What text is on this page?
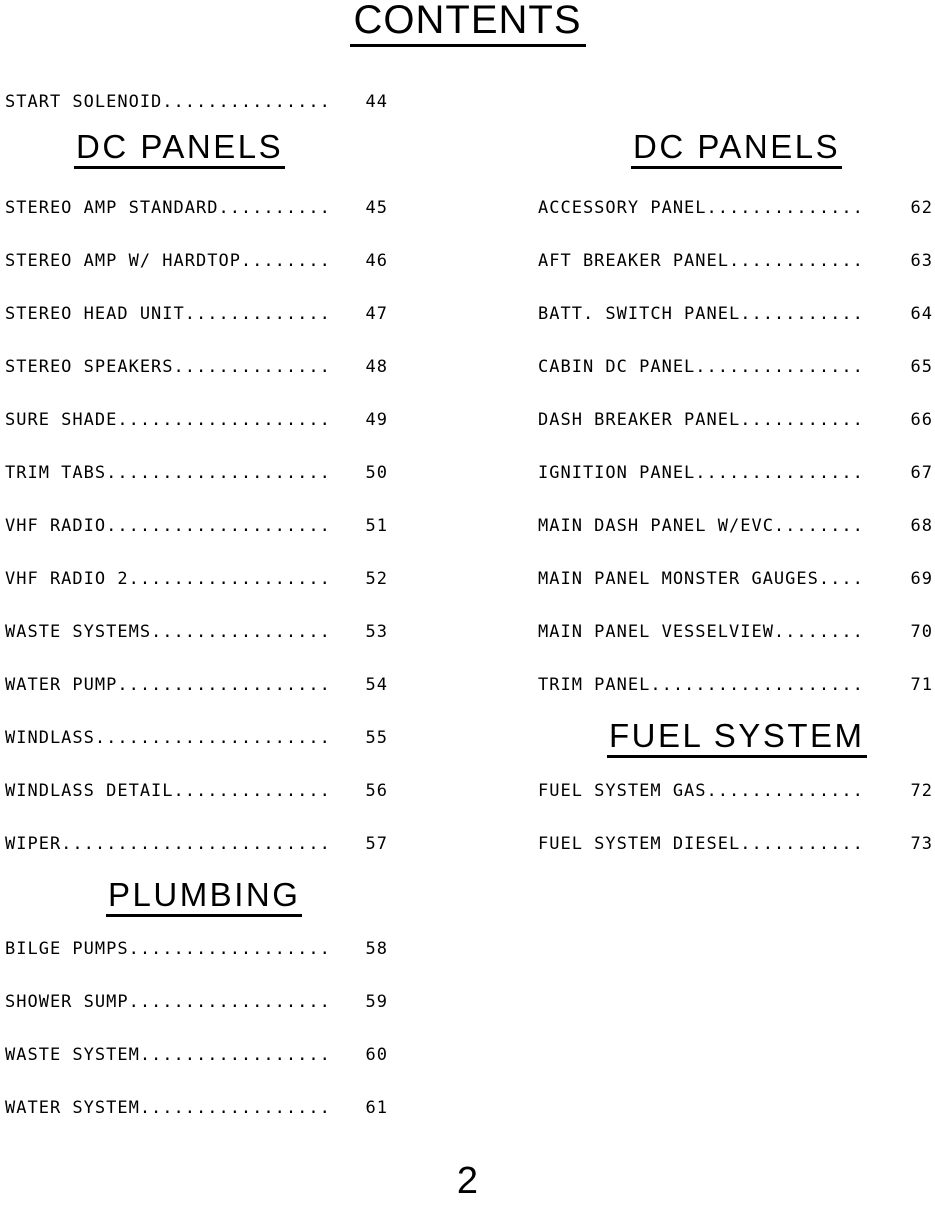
CONTENTS
START SOLENOID............... 44
DC PANELS
STEREO AMP STANDARD.......... 45
STEREO AMP W/ HARDTOP........ 46
STEREO HEAD UNIT............. 47
STEREO SPEAKERS.............. 48
SURE SHADE................... 49
TRIM TABS.................... 50
VHF RADIO.................... 51
VHF RADIO 2.................. 52
WASTE SYSTEMS................ 53
WATER PUMP................... 54
WINDLASS..................... 55
WINDLASS DETAIL.............. 56
WIPER........................ 57
PLUMBING
BILGE PUMPS.................. 58
SHOWER SUMP.................. 59
WASTE SYSTEM................. 60
WATER SYSTEM................. 61
DC PANELS
ACCESSORY PANEL..............	62
AFT BREAKER PANEL............	63
BATT. SWITCH PANEL...........	64
CABIN DC PANEL...............	65
DASH BREAKER PANEL...........	66
IGNITION PANEL...............	67
MAIN DASH PANEL W/EVC........	68
MAIN PANEL MONSTER GAUGES....	69
MAIN PANEL VESSELVIEW........	70
TRIM PANEL...................	71
FUEL SYSTEM
FUEL SYSTEM GAS..............	72
FUEL SYSTEM DIESEL...........	73
2
